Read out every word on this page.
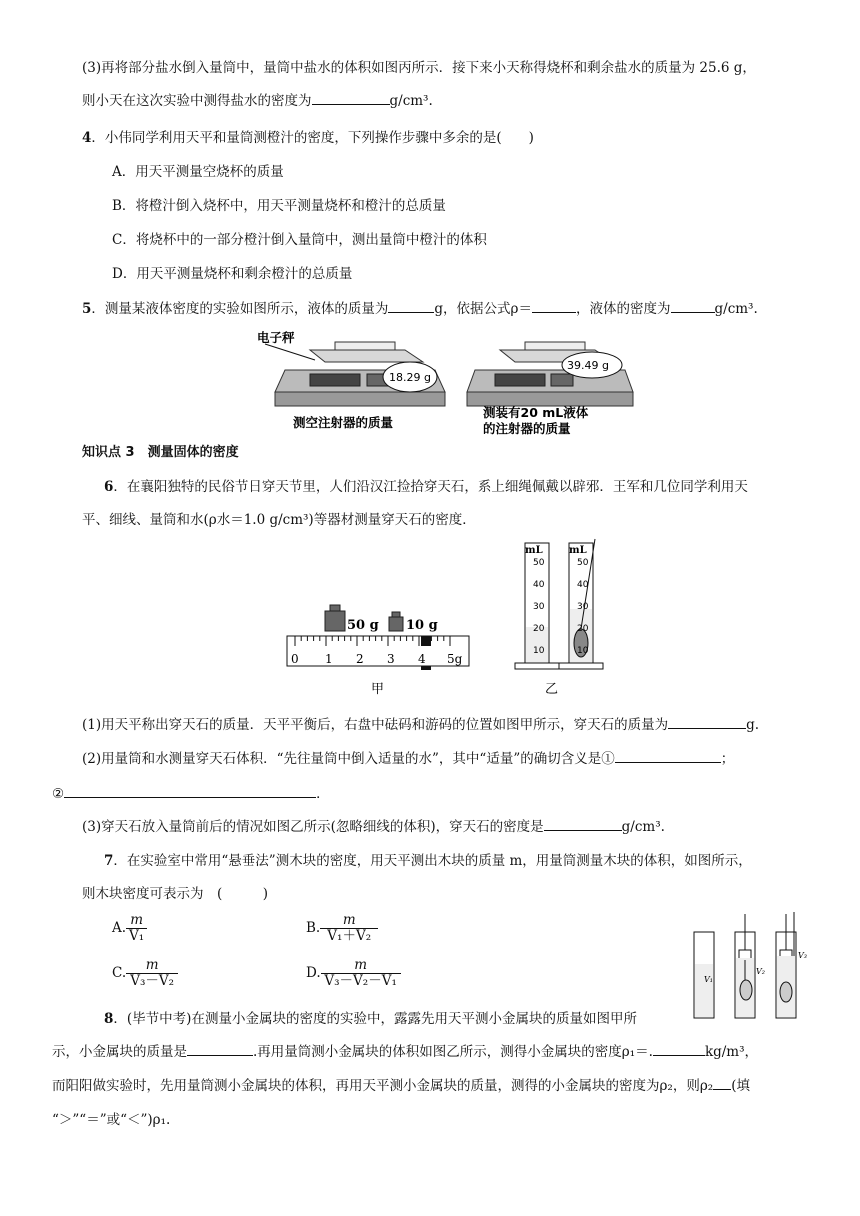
(3)再将部分盐水倒入量筒中，量筒中盐水的体积如图丙所示．接下来小天称得烧杯和剩余盐水的质量为 25.6 g，
则小天在这次实验中测得盐水的密度为	g/cm³.
4．小伟同学利用天平和量筒测橙汁的密度，下列操作步骤中多余的是(　　)
A．用天平测量空烧杯的质量
B．将橙汁倒入烧杯中，用天平测量烧杯和橙汁的总质量
C．将烧杯中的一部分橙汁倒入量筒中，测出量筒中橙汁的体积
D．用天平测量烧杯和剩余橙汁的总质量
5．测量某液体密度的实验如图所示，液体的质量为	g，依据公式ρ＝	，液体的密度为	g/cm³.
电子秤
18.29 g
测空注射器的质量
39.49 g
测装有20 mL液体
的注射器的质量
知识点 3　测量固体的密度
6．在襄阳独特的民俗节日穿天节里，人们沿汉江捡拾穿天石，系上细绳佩戴以辟邪．王军和几位同学利用天
平、细线、量筒和水(ρ水＝1.0 g/cm³)等器材测量穿天石的密度．
50 g 10 g
0 1 2 3 4 5g
mL	mL
50
40
30
20
10
50
40
30
20
10
甲	乙
(1)用天平称出穿天石的质量．天平平衡后，右盘中砝码和游码的位置如图甲所示，穿天石的质量为	g.
(2)用量筒和水测量穿天石体积．“先往量筒中倒入适量的水”，其中“适量”的确切含义是①	；
②	．
(3)穿天石放入量筒前后的情况如图乙所示(忽略细线的体积)，穿天石的密度是	g/cm³.
7．在实验室中常用“悬垂法”测木块的密度，用天平测出木块的质量 m，用量筒测量木块的体积，如图所示，
则木块密度可表示为　(　　　)
A. $\frac{m}{\text{V₁}}$	B. $\frac{m}{\text{V₁＋V₂}}$
C. $\frac{m}{\text{V₃－V₂}}$	D. $\frac{m}{\text{V₃－V₂－V₁}}$	V₁
V₂
V₃
8．(毕节中考)在测量小金属块的密度的实验中，露露先用天平测小金属块的质量如图甲所
示，小金属块的质量是	.再用量筒测小金属块的体积如图乙所示，测得小金属块的密度ρ₁＝.	kg/m³，
而阳阳做实验时，先用量筒测小金属块的体积，再用天平测小金属块的质量，测得的小金属块的密度为ρ₂，则ρ₂ (填
“＞”“＝”或“＜”)ρ₁.
